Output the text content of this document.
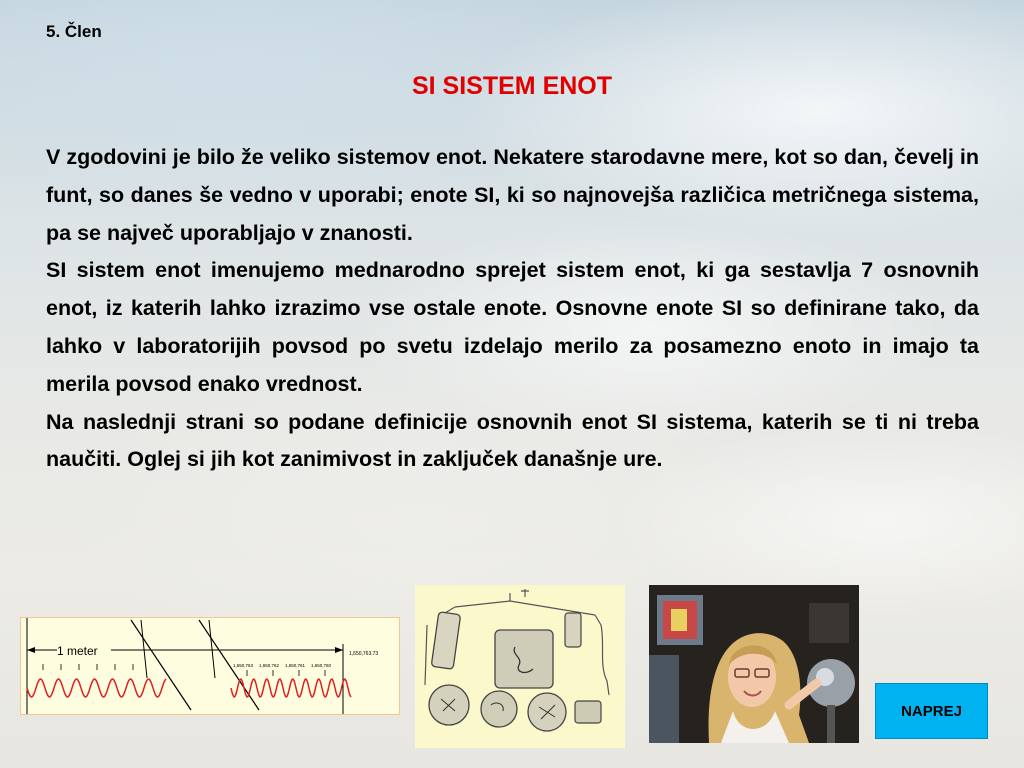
5. Člen
SI SISTEM ENOT

V zgodovini je bilo že veliko sistemov enot. Nekatere starodavne mere, kot so dan, čevelj in funt, so danes še vedno v uporabi; enote SI, ki so najnovejša različica metričnega sistema, pa se največ uporabljajo v znanosti.

SI sistem enot imenujemo mednarodno sprejet sistem enot, ki ga sestavlja 7 osnovnih enot, iz katerih lahko izrazimo vse ostale enote. Osnovne enote SI so definirane tako, da lahko v laboratorijih povsod po svetu izdelajo merilo za posamezno enoto in imajo ta merila povsod enako vrednost.

Na naslednji strani so podane definicije osnovnih enot SI sistema, katerih se ti ni treba naučiti. Oglej si jih kot zanimivost in zaključek današnje ure.

1 meter	1,650,763.73
1,650,763 1,650,762 1,650,761 1,650,760
NAPREJ
